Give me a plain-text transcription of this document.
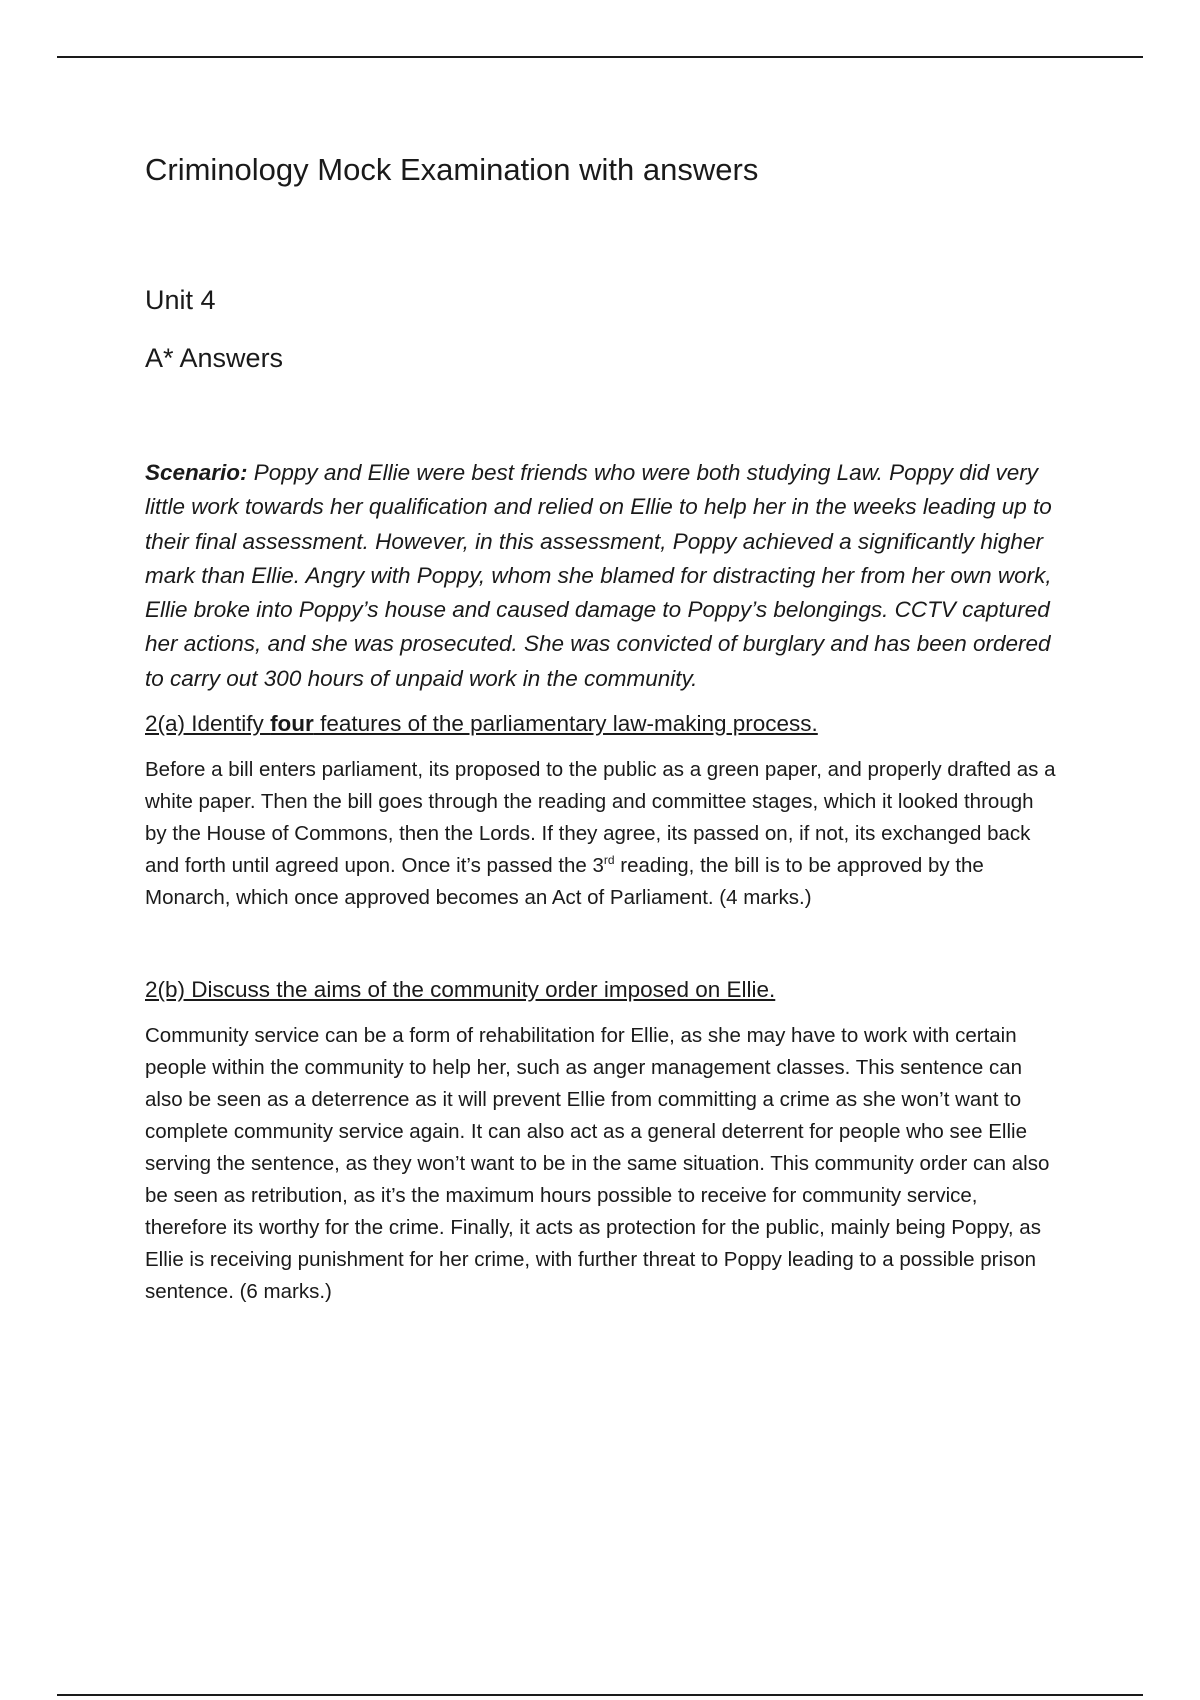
Criminology Mock Examination with answers
Unit 4
A* Answers

Scenario: Poppy and Ellie were best friends who were both studying Law. Poppy did very little work towards her qualification and relied on Ellie to help her in the weeks leading up to their final assessment. However, in this assessment, Poppy achieved a significantly higher mark than Ellie. Angry with Poppy, whom she blamed for distracting her from her own work, Ellie broke into Poppy’s house and caused damage to Poppy’s belongings. CCTV captured her actions, and she was prosecuted. She was convicted of burglary and has been ordered to carry out 300 hours of unpaid work in the community.

2(a) Identify four features of the parliamentary law-making process.

Before a bill enters parliament, its proposed to the public as a green paper, and properly drafted as a white paper. Then the bill goes through the reading and committee stages, which it looked through by the House of Commons, then the Lords. If they agree, its passed on, if not, its exchanged back and forth until agreed upon. Once it’s passed the 3rd reading, the bill is to be approved by the Monarch, which once approved becomes an Act of Parliament. (4 marks.)

2(b) Discuss the aims of the community order imposed on Ellie.

Community service can be a form of rehabilitation for Ellie, as she may have to work with certain people within the community to help her, such as anger management classes. This sentence can also be seen as a deterrence as it will prevent Ellie from committing a crime as she won’t want to complete community service again. It can also act as a general deterrent for people who see Ellie serving the sentence, as they won’t want to be in the same situation. This community order can also be seen as retribution, as it’s the maximum hours possible to receive for community service, therefore its worthy for the crime. Finally, it acts as protection for the public, mainly being Poppy, as Ellie is receiving punishment for her crime, with further threat to Poppy leading to a possible prison sentence. (6 marks.)
